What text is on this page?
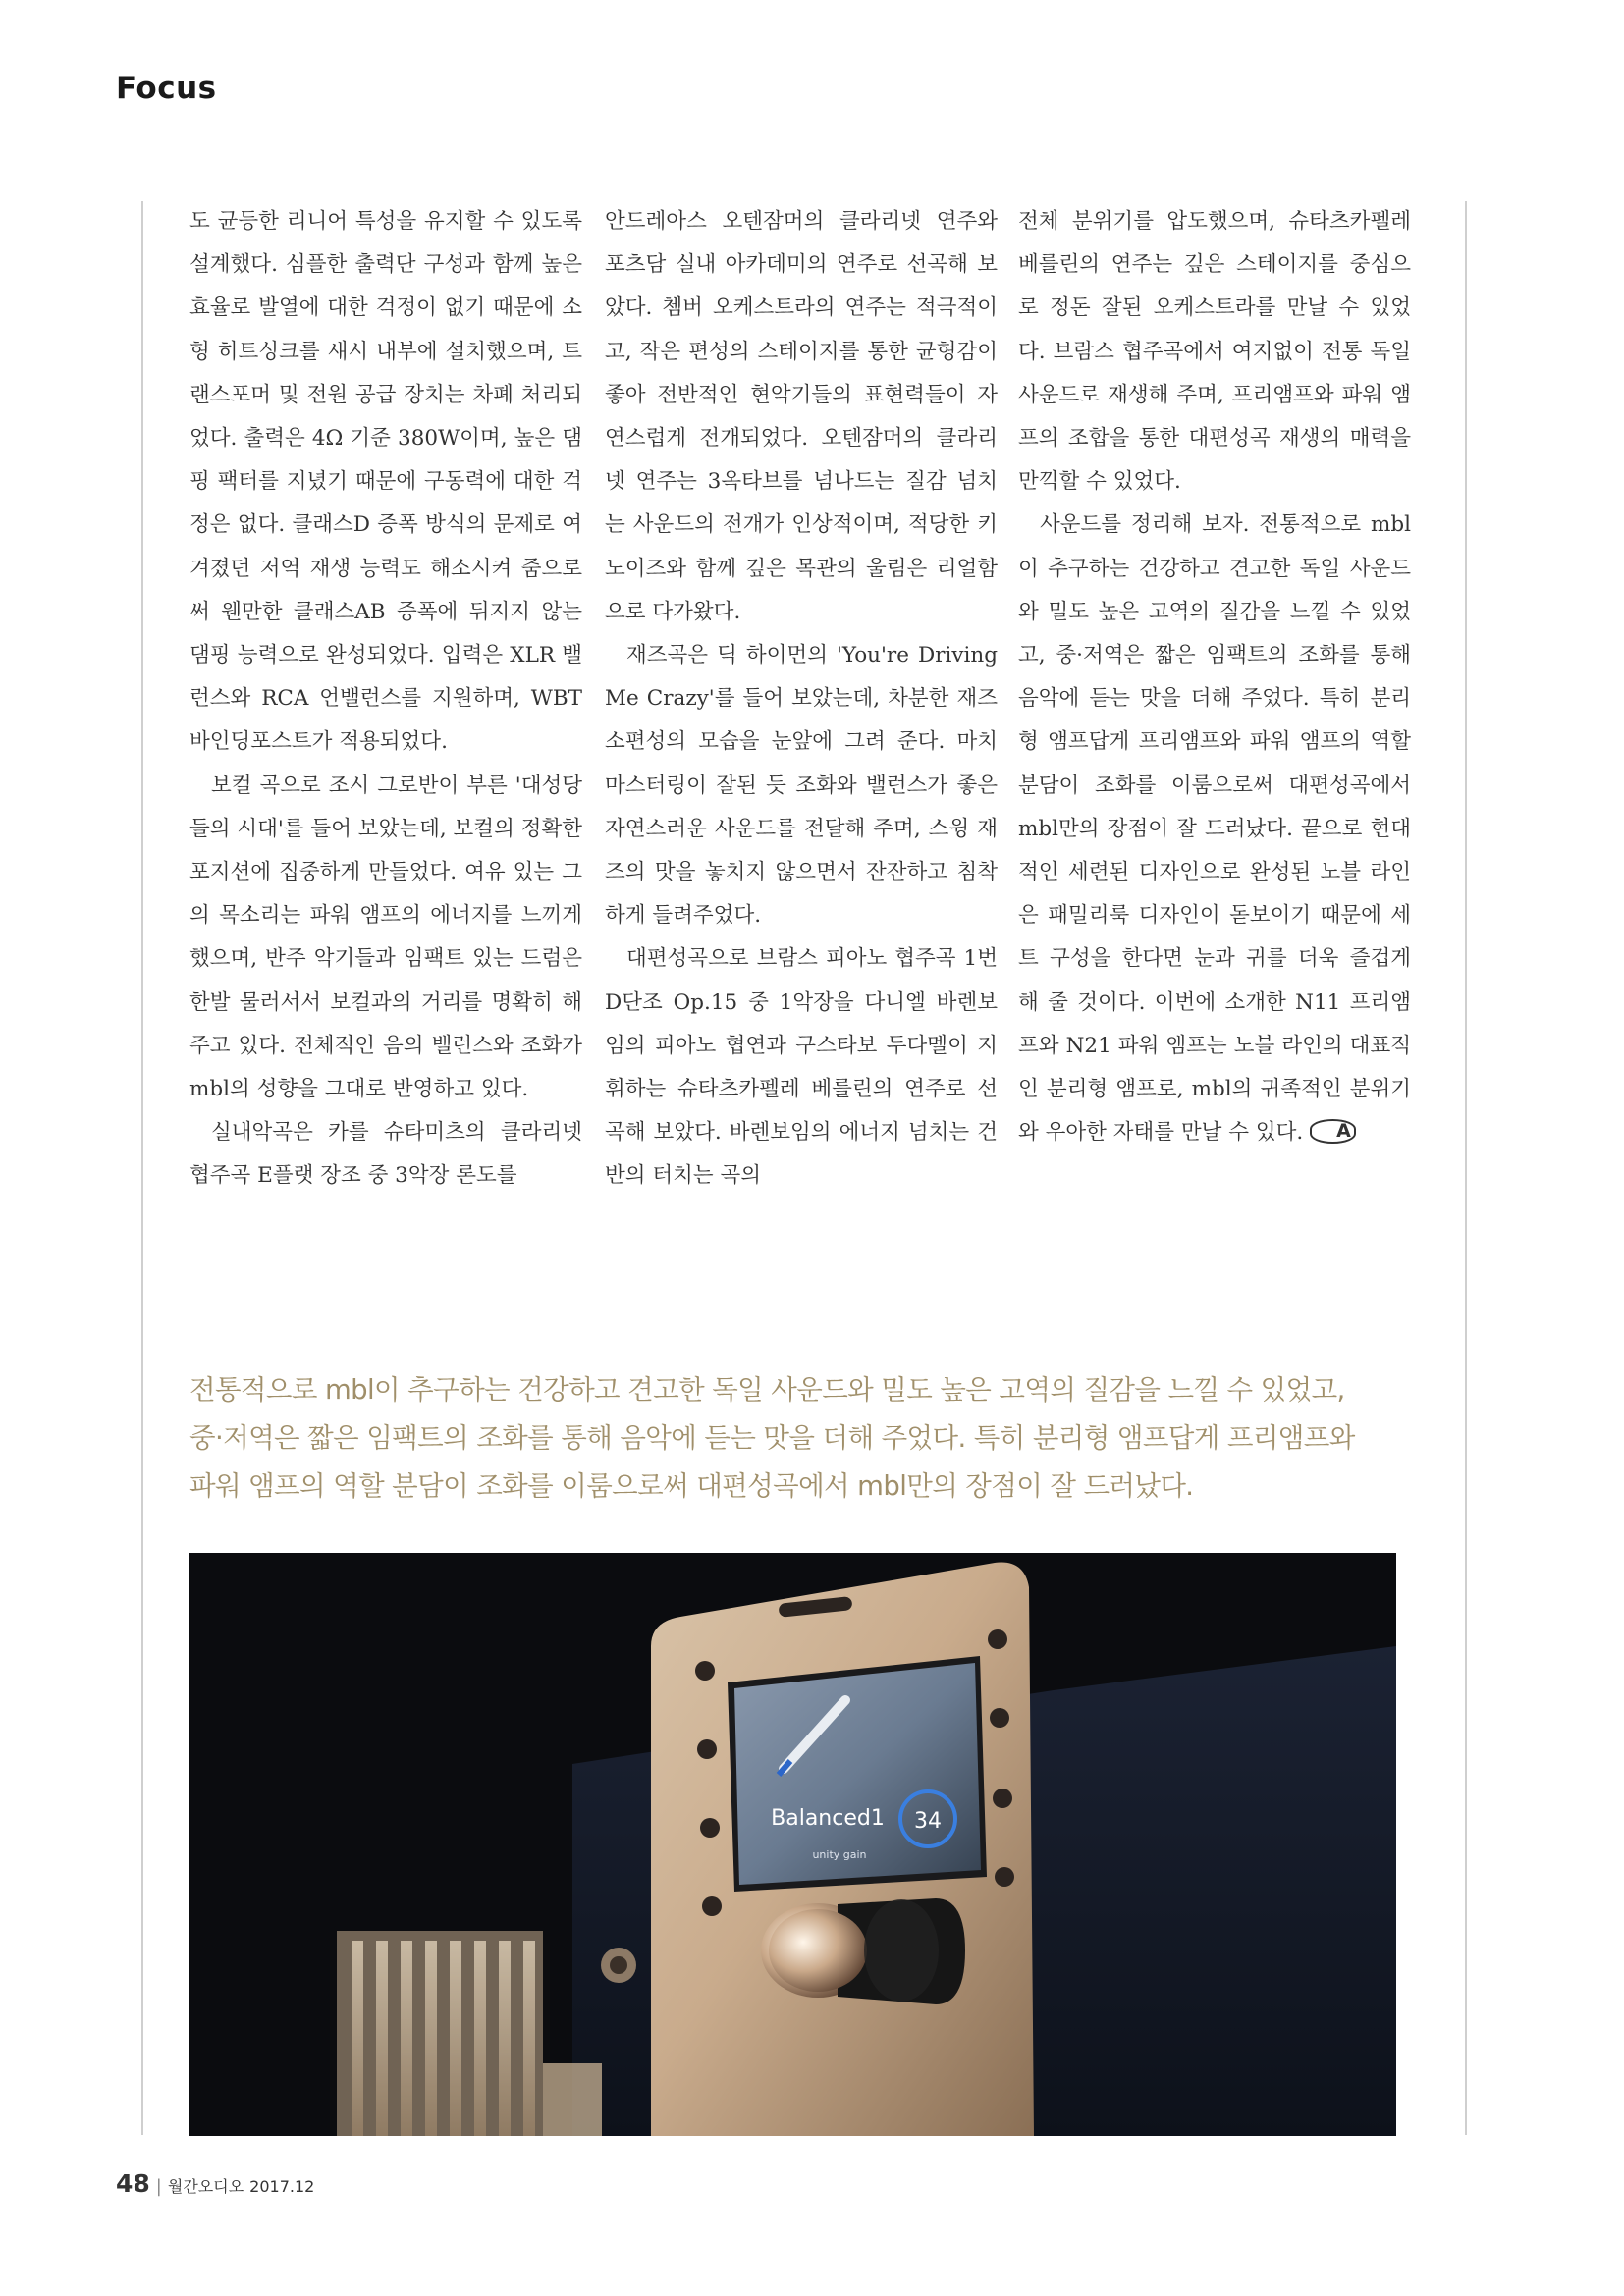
Focus

도 균등한 리니어 특성을 유지할 수 있도록 설계했다. 심플한 출력단 구성과 함께 높은 효율로 발열에 대한 걱정이 없기 때문에 소형 히트싱크를 섀시 내부에 설치했으며, 트랜스포머 및 전원 공급 장치는 차폐 처리되었다. 출력은 4Ω 기준 380W이며, 높은 댐핑 팩터를 지녔기 때문에 구동력에 대한 걱정은 없다. 클래스D 증폭 방식의 문제로 여겨졌던 저역 재생 능력도 해소시켜 줌으로써 웬만한 클래스AB 증폭에 뒤지지 않는 댐핑 능력으로 완성되었다. 입력은 XLR 밸런스와 RCA 언밸런스를 지원하며, WBT 바인딩포스트가 적용되었다.

보컬 곡으로 조시 그로반이 부른 '대성당들의 시대'를 들어 보았는데, 보컬의 정확한 포지션에 집중하게 만들었다. 여유 있는 그의 목소리는 파워 앰프의 에너지를 느끼게 했으며, 반주 악기들과 임팩트 있는 드럼은 한발 물러서서 보컬과의 거리를 명확히 해 주고 있다. 전체적인 음의 밸런스와 조화가 mbl의 성향을 그대로 반영하고 있다.

실내악곡은 카를 슈타미츠의 클라리넷 협주곡 E플랫 장조 중 3악장 론도를

안드레아스 오텐잠머의 클라리넷 연주와 포츠담 실내 아카데미의 연주로 선곡해 보았다. 쳄버 오케스트라의 연주는 적극적이고, 작은 편성의 스테이지를 통한 균형감이 좋아 전반적인 현악기들의 표현력들이 자연스럽게 전개되었다. 오텐잠머의 클라리넷 연주는 3옥타브를 넘나드는 질감 넘치는 사운드의 전개가 인상적이며, 적당한 키 노이즈와 함께 깊은 목관의 울림은 리얼함으로 다가왔다.

재즈곡은 딕 하이먼의 'You're Driving Me Crazy'를 들어 보았는데, 차분한 재즈 소편성의 모습을 눈앞에 그려 준다. 마치 마스터링이 잘된 듯 조화와 밸런스가 좋은 자연스러운 사운드를 전달해 주며, 스윙 재즈의 맛을 놓치지 않으면서 잔잔하고 침착하게 들려주었다.

대편성곡으로 브람스 피아노 협주곡 1번 D단조 Op.15 중 1악장을 다니엘 바렌보임의 피아노 협연과 구스타보 두다멜이 지휘하는 슈타츠카펠레 베를린의 연주로 선곡해 보았다. 바렌보임의 에너지 넘치는 건반의 터치는 곡의

전체 분위기를 압도했으며, 슈타츠카펠레 베를린의 연주는 깊은 스테이지를 중심으로 정돈 잘된 오케스트라를 만날 수 있었다. 브람스 협주곡에서 여지없이 전통 독일 사운드로 재생해 주며, 프리앰프와 파워 앰프의 조합을 통한 대편성곡 재생의 매력을 만끽할 수 있었다.

사운드를 정리해 보자. 전통적으로 mbl이 추구하는 건강하고 견고한 독일 사운드와 밀도 높은 고역의 질감을 느낄 수 있었고, 중·저역은 짧은 임팩트의 조화를 통해 음악에 듣는 맛을 더해 주었다. 특히 분리형 앰프답게 프리앰프와 파워 앰프의 역할 분담이 조화를 이룸으로써 대편성곡에서 mbl만의 장점이 잘 드러났다. 끝으로 현대적인 세련된 디자인으로 완성된 노블 라인은 패밀리룩 디자인이 돋보이기 때문에 세트 구성을 한다면 눈과 귀를 더욱 즐겁게 해 줄 것이다. 이번에 소개한 N11 프리앰프와 N21 파워 앰프는 노블 라인의 대표적인 분리형 앰프로, mbl의 귀족적인 분위기와 우아한 자태를 만날 수 있다. A

전통적으로 mbl이 추구하는 건강하고 견고한 독일 사운드와 밀도 높은 고역의 질감을 느낄 수 있었고,

중·저역은 짧은 임팩트의 조화를 통해 음악에 듣는 맛을 더해 주었다. 특히 분리형 앰프답게 프리앰프와

파워 앰프의 역할 분담이 조화를 이룸으로써 대편성곡에서 mbl만의 장점이 잘 드러났다.

34
Balanced1
unity gain
48 | 월간오디오 2017.12
